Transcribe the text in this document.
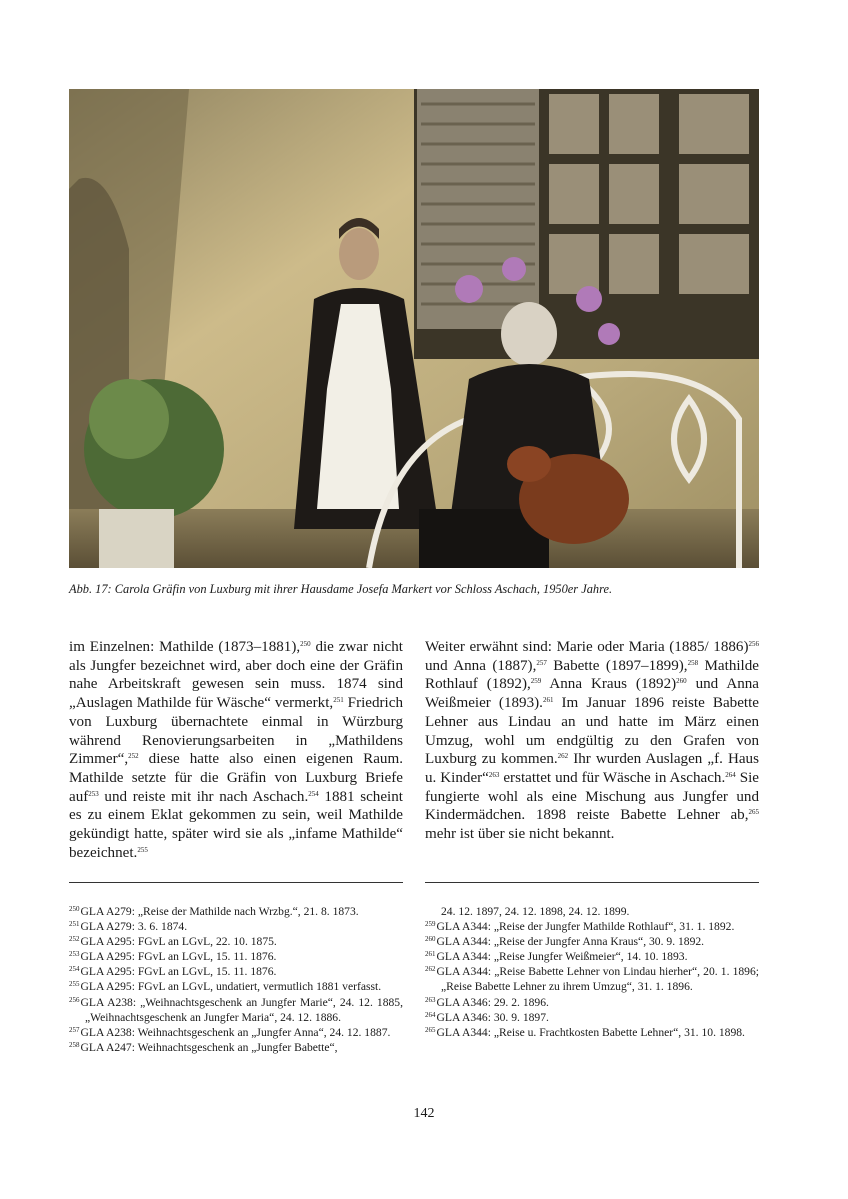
Abb. 17: Carola Gräfin von Luxburg mit ihrer Hausdame Josefa Markert vor Schloss Aschach, 1950er Jahre.

im Einzelnen: Mathilde (1873–1881),$^{250}$ die zwar nicht als Jungfer bezeichnet wird, aber doch eine der Gräfin nahe Arbeitskraft gewesen sein muss. 1874 sind „Auslagen Mathilde für Wäsche“ vermerkt,$^{251}$ Friedrich von Luxburg übernachtete einmal in Würzburg während Renovierungsarbeiten in „Mathildens Zimmer“,$^{252}$ diese hatte also einen eigenen Raum. Mathilde setzte für die Gräfin von Luxburg Briefe auf$^{253}$ und reiste mit ihr nach Aschach.$^{254}$ 1881 scheint es zu einem Eklat gekommen zu sein, weil Mathilde gekündigt hatte, später wird sie als „infame Mathilde“ bezeichnet.$^{255}$

Weiter erwähnt sind: Marie oder Maria (1885/ 1886)$^{256}$ und Anna (1887),$^{257}$ Babette (1897–1899),$^{258}$ Mathilde Rothlauf (1892),$^{259}$ Anna Kraus $(1892)^{260}$ und Anna Weißmeier (1893).$^{261}$ Im Januar 1896 reiste Babette Lehner aus Lindau an und hatte im März einen Umzug, wohl um endgültig zu den Grafen von Luxburg zu kommen.$^{262}$ Ihr wurden Auslagen „f. Haus u. Kinder“$^{263}$ erstattet und für Wäsche in Aschach.$^{264}$ Sie fungierte wohl als eine Mischung aus Jungfer und Kindermädchen. 1898 reiste Babette Lehner ab,$^{265}$ mehr ist über sie nicht bekannt.

$^{250}$GLA A279: „Reise der Mathilde nach Wrzbg.“, 21. 8. 1873.

$^{251}$GLA A279: 3. 6. 1874.

$^{252}$GLA A295: FGvL an LGvL, 22. 10. 1875.

$^{253}$GLA A295: FGvL an LGvL, 15. 11. 1876.

$^{254}$GLA A295: FGvL an LGvL, 15. 11. 1876.

$^{255}$GLA A295: FGvL an LGvL, undatiert, vermutlich 1881 verfasst.

$^{256}$GLA A238: „Weihnachtsgeschenk an Jungfer Marie“, 24. 12. 1885, „Weihnachtsgeschenk an Jungfer Maria“, 24. 12. 1886.

$^{257}$GLA A238: Weihnachtsgeschenk an „Jungfer Anna“, 24. 12. 1887.

$^{258}$GLA A247: Weihnachtsgeschenk an „Jungfer Babette“,

24. 12. 1897, 24. 12. 1898, 24. 12. 1899.

$^{259}$GLA A344: „Reise der Jungfer Mathilde Rothlauf“, 31. 1. 1892.

$^{260}$GLA A344: „Reise der Jungfer Anna Kraus“, 30. 9. 1892.

$^{261}$GLA A344: „Reise Jungfer Weißmeier“, 14. 10. 1893.

$^{262}$GLA A344: „Reise Babette Lehner von Lindau hierher“, 20. 1. 1896; „Reise Babette Lehner zu ihrem Umzug“, 31. 1. 1896.

$^{263}$GLA A346: 29. 2. 1896.

$^{264}$GLA A346: 30. 9. 1897.

$^{265}$GLA A344: „Reise u. Frachtkosten Babette Lehner“, 31. 10. 1898.

142
